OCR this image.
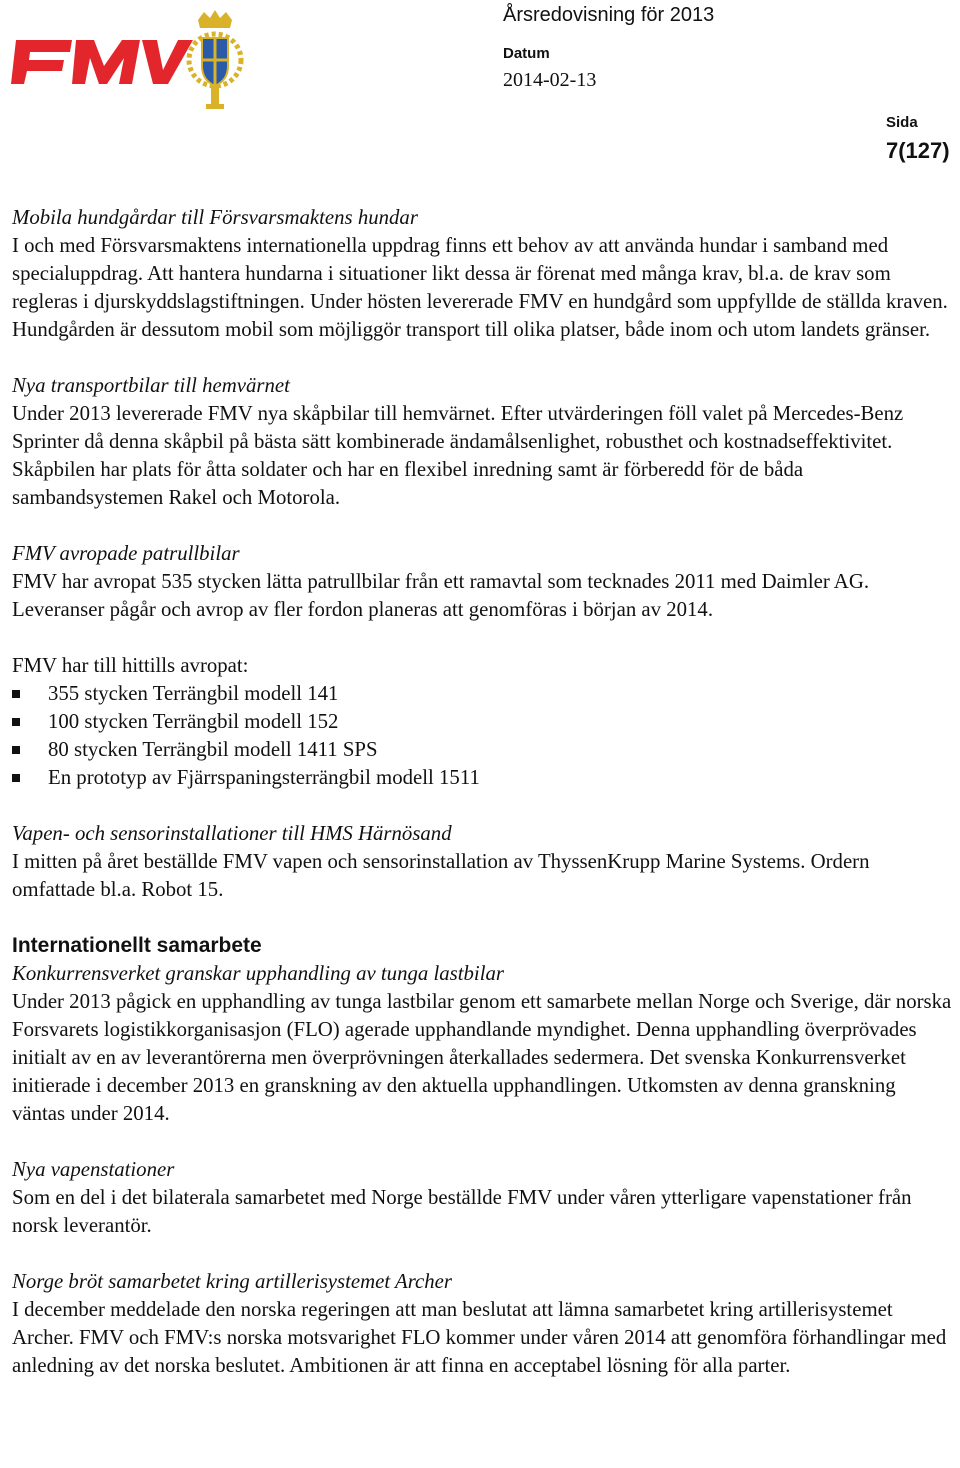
Årsredovisning för 2013
Datum
2014-02-13
Sida
7(127)

Mobila hundgårdar till Försvarsmaktens hundar

I och med Försvarsmaktens internationella uppdrag finns ett behov av att använda hundar i samband med specialuppdrag. Att hantera hundarna i situationer likt dessa är förenat med många krav, bl.a. de krav som regleras i djurskyddslagstiftningen. Under hösten levererade FMV en hundgård som uppfyllde de ställda kraven. Hundgården är dessutom mobil som möjliggör transport till olika platser, både inom och utom landets gränser.

Nya transportbilar till hemvärnet

Under 2013 levererade FMV nya skåpbilar till hemvärnet. Efter utvärderingen föll valet på Mercedes-Benz Sprinter då denna skåpbil på bästa sätt kombinerade ändamålsenlighet, robusthet och kostnadseffektivitet. Skåpbilen har plats för åtta soldater och har en flexibel inredning samt är förberedd för de båda sambandsystemen Rakel och Motorola.

FMV avropade patrullbilar

FMV har avropat 535 stycken lätta patrullbilar från ett ramavtal som tecknades 2011 med Daimler AG. Leveranser pågår och avrop av fler fordon planeras att genomföras i början av 2014.

FMV har till hittills avropat:

355 stycken Terrängbil modell 141
100 stycken Terrängbil modell 152
80 stycken Terrängbil modell 1411 SPS
En prototyp av Fjärrspaningsterrängbil modell 1511

Vapen- och sensorinstallationer till HMS Härnösand

I mitten på året beställde FMV vapen och sensorinstallation av ThyssenKrupp Marine Systems. Ordern omfattade bl.a. Robot 15.

Internationellt samarbete

Konkurrensverket granskar upphandling av tunga lastbilar

Under 2013 pågick en upphandling av tunga lastbilar genom ett samarbete mellan Norge och Sverige, där norska Forsvarets logistikkorganisasjon (FLO) agerade upphandlande myndighet. Denna upphandling överprövades initialt av en av leverantörerna men överprövningen återkallades sedermera. Det svenska Konkurrensverket initierade i december 2013 en granskning av den aktuella upphandlingen. Utkomsten av denna granskning väntas under 2014.

Nya vapenstationer

Som en del i det bilaterala samarbetet med Norge beställde FMV under våren ytterligare vapenstationer från norsk leverantör.

Norge bröt samarbetet kring artillerisystemet Archer

I december meddelade den norska regeringen att man beslutat att lämna samarbetet kring artillerisystemet Archer. FMV och FMV:s norska motsvarighet FLO kommer under våren 2014 att genomföra förhandlingar med anledning av det norska beslutet. Ambitionen är att finna en acceptabel lösning för alla parter.
